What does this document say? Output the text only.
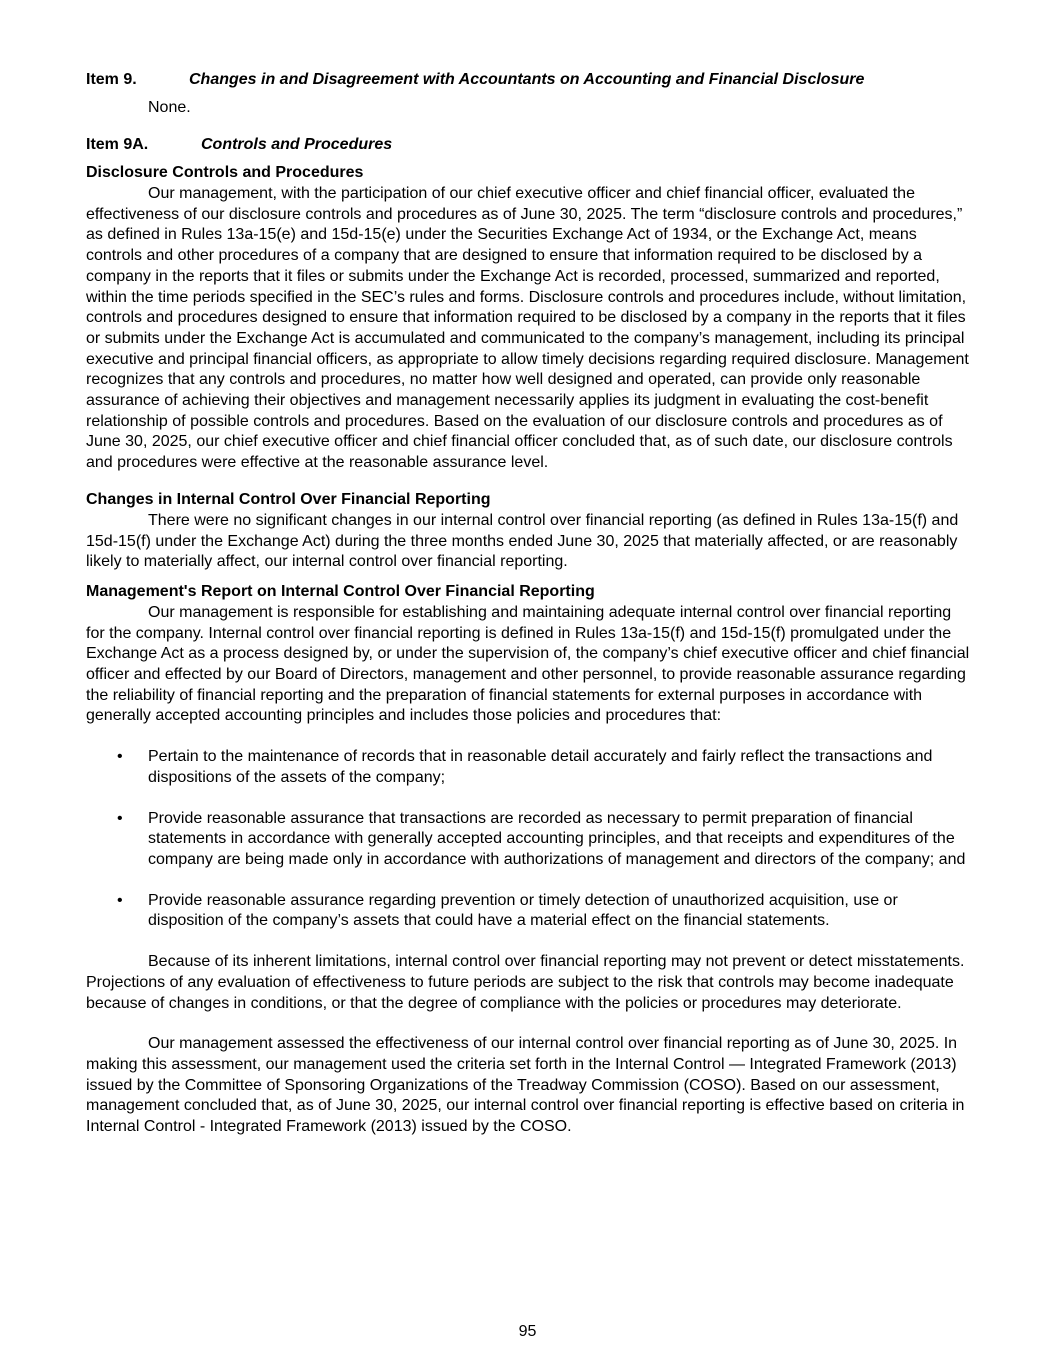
Item 9.	Changes in and Disagreement with Accountants on Accounting and Financial Disclosure
None.
Item 9A.	Controls and Procedures
Disclosure Controls and Procedures

Our management, with the participation of our chief executive officer and chief financial officer, evaluated the effectiveness of our disclosure controls and procedures as of June 30, 2025. The term “disclosure controls and procedures,” as defined in Rules 13a-15(e) and 15d-15(e) under the Securities Exchange Act of 1934, or the Exchange Act, means controls and other procedures of a company that are designed to ensure that information required to be disclosed by a company in the reports that it files or submits under the Exchange Act is recorded, processed, summarized and reported, within the time periods specified in the SEC’s rules and forms. Disclosure controls and procedures include, without limitation, controls and procedures designed to ensure that information required to be disclosed by a company in the reports that it files or submits under the Exchange Act is accumulated and communicated to the company’s management, including its principal executive and principal financial officers, as appropriate to allow timely decisions regarding required disclosure. Management recognizes that any controls and procedures, no matter how well designed and operated, can provide only reasonable assurance of achieving their objectives and management necessarily applies its judgment in evaluating the cost-benefit relationship of possible controls and procedures. Based on the evaluation of our disclosure controls and procedures as of June 30, 2025, our chief executive officer and chief financial officer concluded that, as of such date, our disclosure controls and procedures were effective at the reasonable assurance level.

Changes in Internal Control Over Financial Reporting

There were no significant changes in our internal control over financial reporting (as defined in Rules 13a-15(f) and 15d-15(f) under the Exchange Act) during the three months ended June 30, 2025 that materially affected, or are reasonably likely to materially affect, our internal control over financial reporting.

Management's Report on Internal Control Over Financial Reporting

Our management is responsible for establishing and maintaining adequate internal control over financial reporting for the company. Internal control over financial reporting is defined in Rules 13a-15(f) and 15d-15(f) promulgated under the Exchange Act as a process designed by, or under the supervision of, the company’s chief executive officer and chief financial officer and effected by our Board of Directors, management and other personnel, to provide reasonable assurance regarding the reliability of financial reporting and the preparation of financial statements for external purposes in accordance with generally accepted accounting principles and includes those policies and procedures that:

• Pertain to the maintenance of records that in reasonable detail accurately and fairly reflect the transactions and dispositions of the assets of the company;
• Provide reasonable assurance that transactions are recorded as necessary to permit preparation of financial statements in accordance with generally accepted accounting principles, and that receipts and expenditures of the company are being made only in accordance with authorizations of management and directors of the company; and
• Provide reasonable assurance regarding prevention or timely detection of unauthorized acquisition, use or disposition of the company’s assets that could have a material effect on the financial statements.

Because of its inherent limitations, internal control over financial reporting may not prevent or detect misstatements. Projections of any evaluation of effectiveness to future periods are subject to the risk that controls may become inadequate because of changes in conditions, or that the degree of compliance with the policies or procedures may deteriorate.

Our management assessed the effectiveness of our internal control over financial reporting as of June 30, 2025. In making this assessment, our management used the criteria set forth in the Internal Control — Integrated Framework (2013) issued by the Committee of Sponsoring Organizations of the Treadway Commission (COSO). Based on our assessment, management concluded that, as of June 30, 2025, our internal control over financial reporting is effective based on criteria in Internal Control - Integrated Framework (2013) issued by the COSO.

95
